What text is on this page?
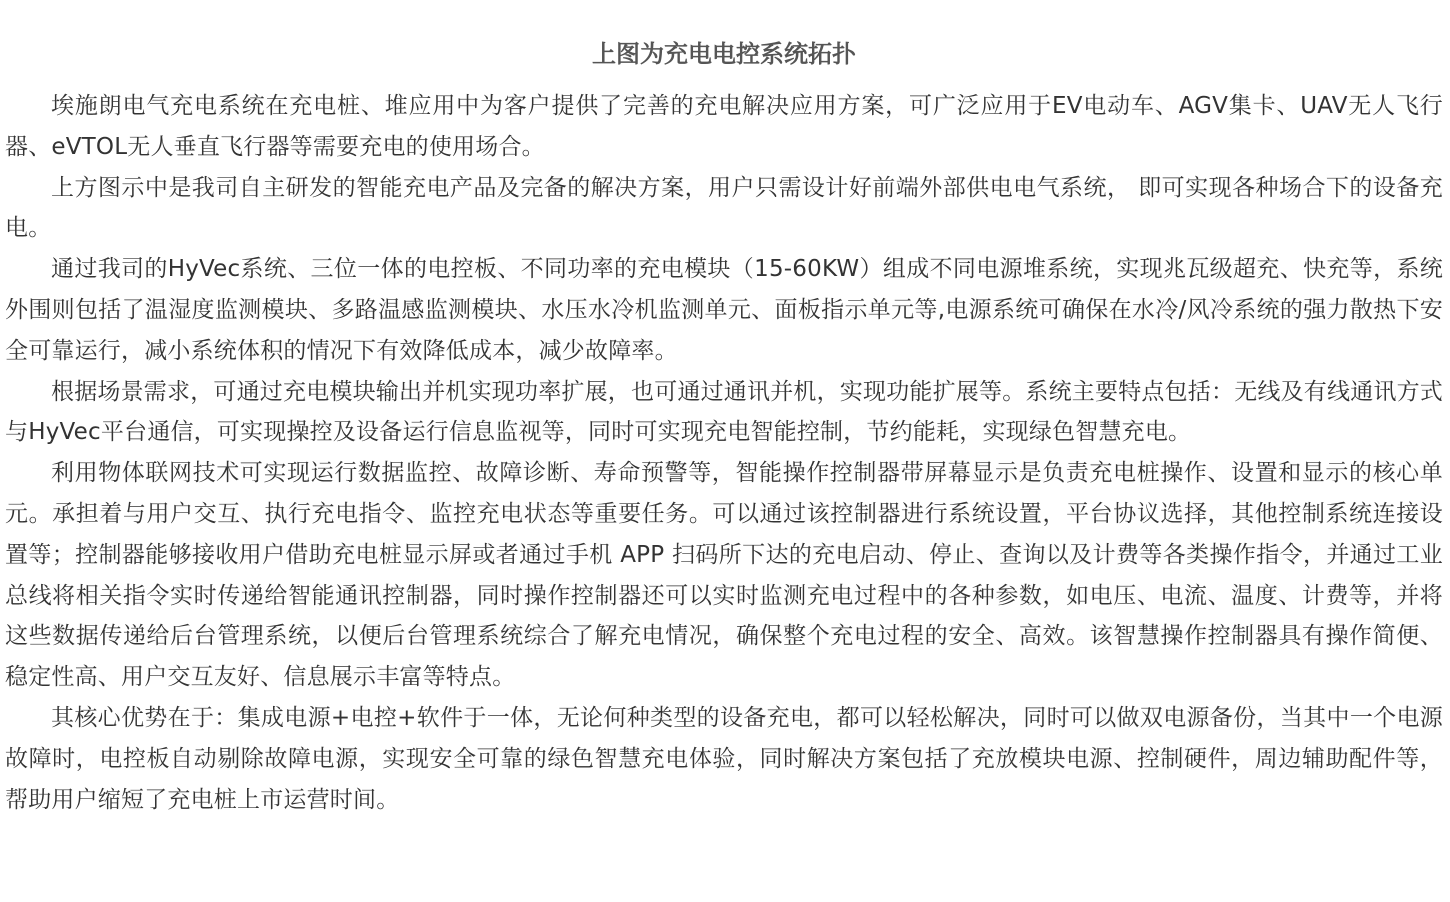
上图为充电电控系统拓扑

埃施朗电气充电系统在充电桩、堆应用中为客户提供了完善的充电解决应用方案，可广泛应用于EV电动车、AGV集卡、UAV无人飞行器、eVTOL无人垂直飞行器等需要充电的使用场合。

上方图示中是我司自主研发的智能充电产品及完备的解决方案，用户只需设计好前端外部供电电气系统， 即可实现各种场合下的设备充电。

通过我司的HyVec系统、三位一体的电控板、不同功率的充电模块（15-60KW）组成不同电源堆系统，实现兆瓦级超充、快充等，系统外围则包括了温湿度监测模块、多路温感监测模块、水压水冷机监测单元、面板指示单元等,电源系统可确保在水冷/风冷系统的强力散热下安全可靠运行，减小系统体积的情况下有效降低成本，减少故障率。

根据场景需求，可通过充电模块输出并机实现功率扩展，也可通过通讯并机，实现功能扩展等。系统主要特点包括：无线及有线通讯方式与HyVec平台通信，可实现操控及设备运行信息监视等，同时可实现充电智能控制，节约能耗，实现绿色智慧充电。

利用物体联网技术可实现运行数据监控、故障诊断、寿命预警等，智能操作控制器带屏幕显示是负责充电桩操作、设置和显示的核心单元。承担着与用户交互、执行充电指令、监控充电状态等重要任务。可以通过该控制器进行系统设置，平台协议选择，其他控制系统连接设置等；控制器能够接收用户借助充电桩显示屏或者通过手机 APP 扫码所下达的充电启动、停止、查询以及计费等各类操作指令，并通过工业总线将相关指令实时传递给智能通讯控制器，同时操作控制器还可以实时监测充电过程中的各种参数，如电压、电流、温度、计费等，并将这些数据传递给后台管理系统，以便后台管理系统综合了解充电情况，确保整个充电过程的安全、高效。该智慧操作控制器具有操作简便、稳定性高、用户交互友好、信息展示丰富等特点。

其核心优势在于：集成电源+电控+软件于一体，无论何种类型的设备充电，都可以轻松解决，同时可以做双电源备份，当其中一个电源故障时，电控板自动剔除故障电源，实现安全可靠的绿色智慧充电体验，同时解决方案包括了充放模块电源、控制硬件，周边辅助配件等，帮助用户缩短了充电桩上市运营时间。
